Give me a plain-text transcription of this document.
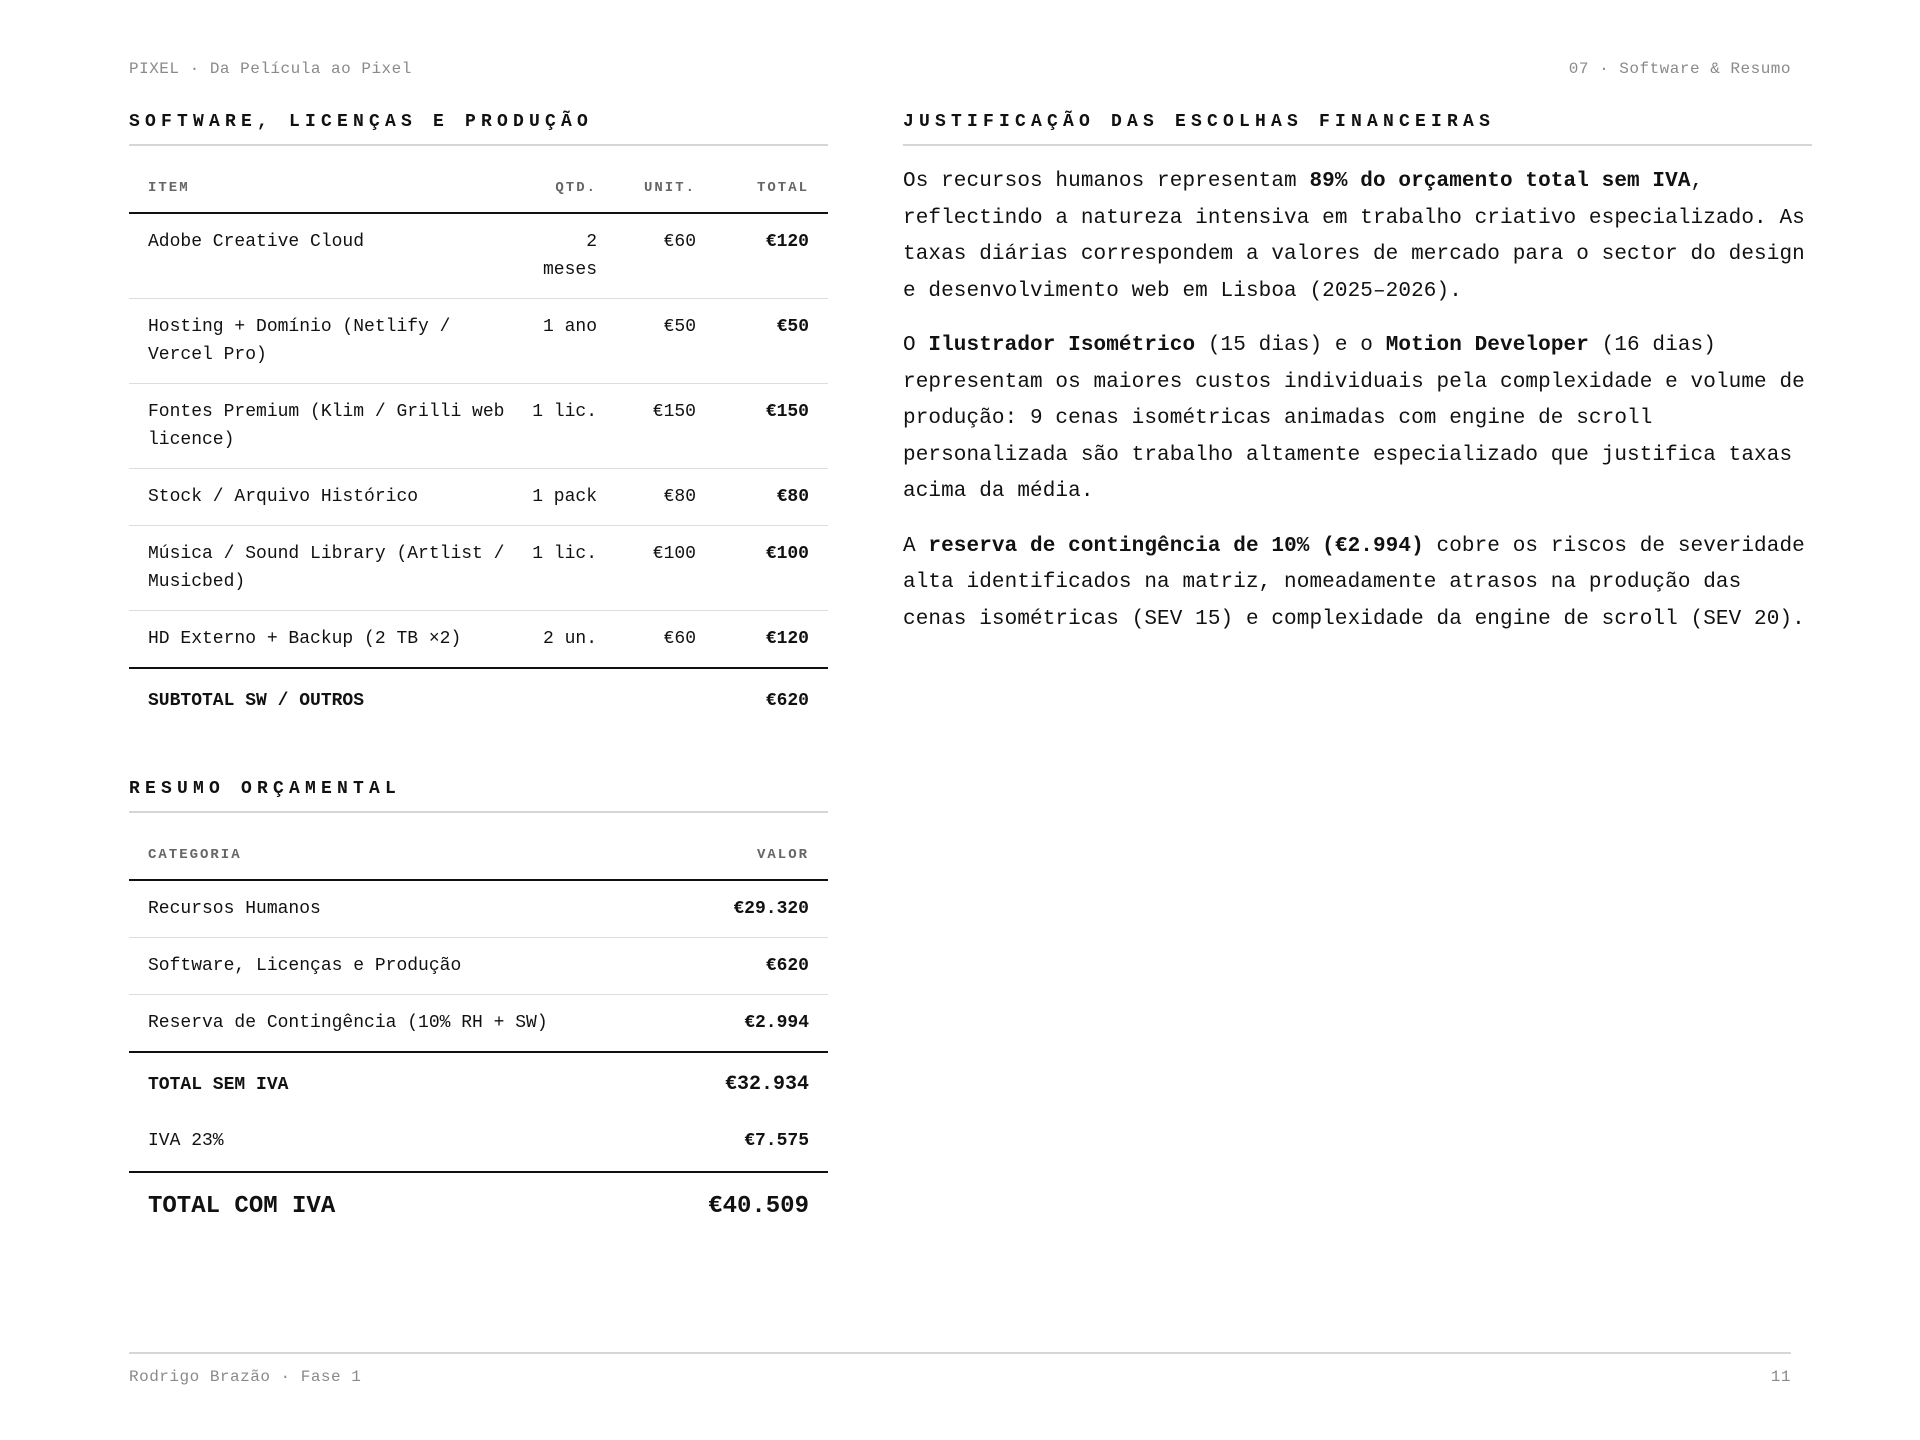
PIXEL · Da Película ao Pixel	07 · Software & Resumo
SOFTWARE, LICENÇAS E PRODUÇÃO
ITEM	QTD.	UNIT.	TOTAL
Adobe Creative Cloud	2 meses	€60	€120
Hosting + Domínio (Netlify / Vercel Pro)	1 ano	€50	€50
Fontes Premium (Klim / Grilli web licence)	1 lic.	€150	€150
Stock / Arquivo Histórico	1 pack	€80	€80
Música / Sound Library (Artlist / Musicbed)	1 lic.	€100	€100
HD Externo + Backup (2 TB ×2)	2 un.	€60	€120
SUBTOTAL SW / OUTROS			€620
RESUMO ORÇAMENTAL
CATEGORIA	VALOR
Recursos Humanos	€29.320
Software, Licenças e Produção	€620
Reserva de Contingência (10% RH + SW)	€2.994
TOTAL SEM IVA	€32.934
IVA 23%	€7.575
TOTAL COM IVA	€40.509
JUSTIFICAÇÃO DAS ESCOLHAS FINANCEIRAS

Os recursos humanos representam 89% do orçamento total sem IVA, reflectindo a natureza intensiva em trabalho criativo especializado. As taxas diárias correspondem a valores de mercado para o sector do design e desenvolvimento web em Lisboa (2025–2026).

O Ilustrador Isométrico (15 dias) e o Motion Developer (16 dias) representam os maiores custos individuais pela complexidade e volume de produção: 9 cenas isométricas animadas com engine de scroll personalizada são trabalho altamente especializado que justifica taxas acima da média.

A reserva de contingência de 10% (€2.994) cobre os riscos de severidade alta identificados na matriz, nomeadamente atrasos na produção das cenas isométricas (SEV 15) e complexidade da engine de scroll (SEV 20).

Rodrigo Brazão · Fase 1	11
